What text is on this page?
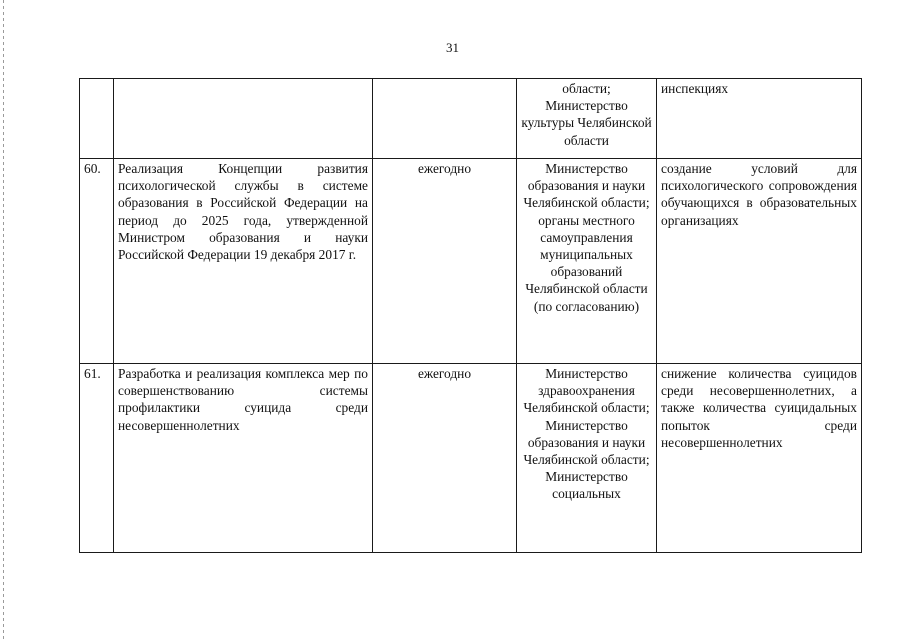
31
			области; Министерство культуры Челябинской области	инспекциях
60.	Реализация Концепции развития психологической службы в системе образования в Российской Федерации на период до 2025 года, утвержденной Министром образования и науки Российской Федерации 19 декабря 2017 г.	ежегодно	Министерство образования и науки Челябинской области; органы местного самоуправления муниципальных образований Челябинской области (по согласованию)	создание условий для психологического сопровождения обучающихся в образовательных организациях
61.	Разработка и реализация комплекса мер по совершенствованию системы профилактики суицида среди несовершеннолетних	ежегодно	Министерство здравоохранения Челябинской области; Министерство образования и науки Челябинской области; Министерство социальных	снижение количества суицидов среди несовершеннолетних, а также количества суицидальных попыток среди несовершеннолетних
